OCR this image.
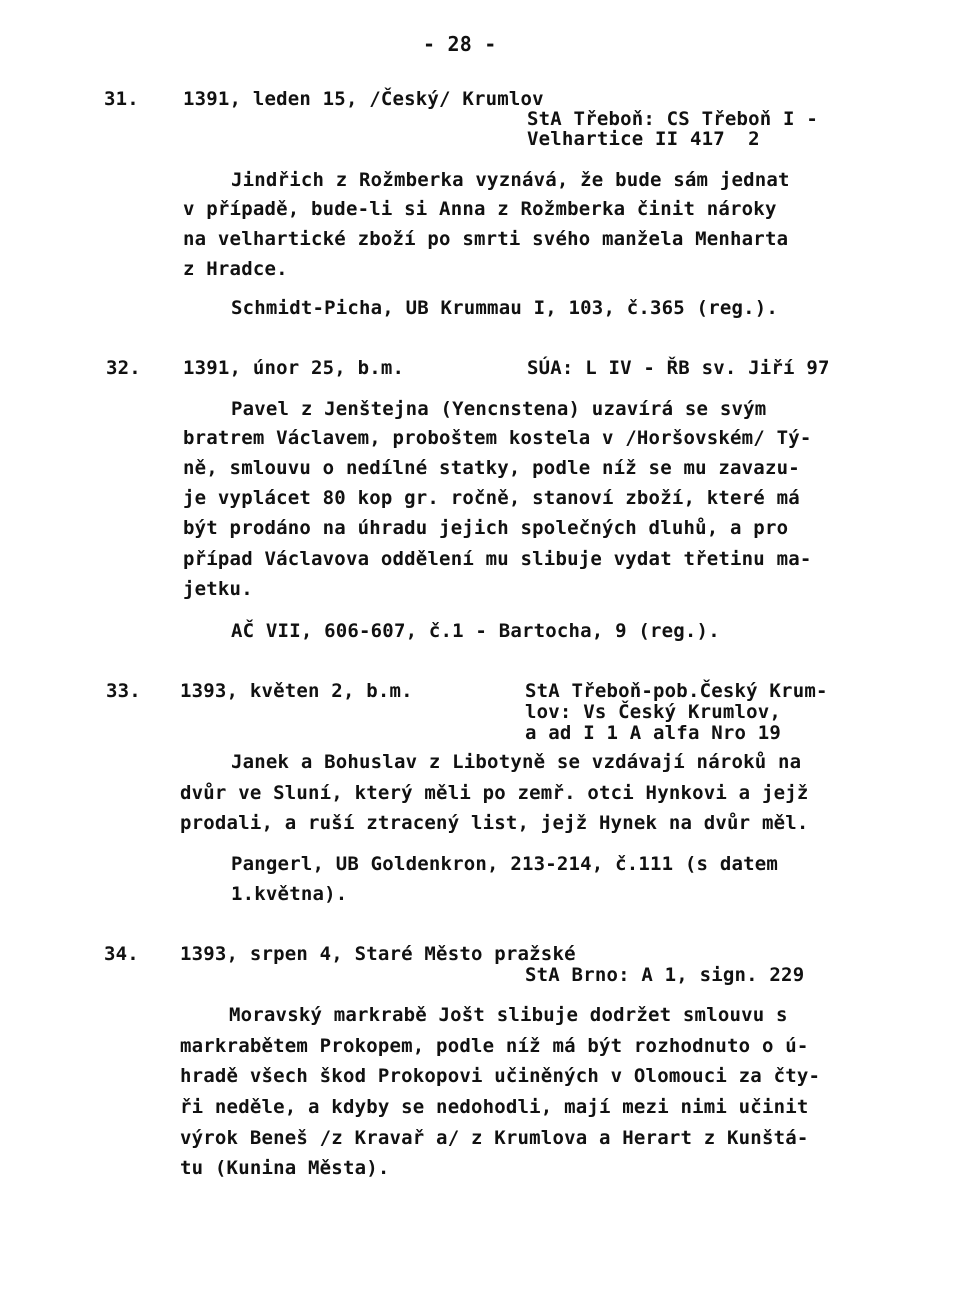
- 28 -
31. 1391, leden 15, /Český/ Krumlov
StA Třeboň: CS Třeboň I -
Velhartice II 417  2
Jindřich z Rožmberka vyznává, že bude sám jednat
v případě, bude-li si Anna z Rožmberka činit nároky
na velhartické zboží po smrti svého manžela Menharta
z Hradce.
Schmidt-Picha, UB Krummau I, 103, č.365 (reg.).
32. 1391, únor 25, b.m.	SÚA: L IV - ŘB sv. Jiří 97
Pavel z Jenštejna (Yencnstena) uzavírá se svým
bratrem Václavem, proboštem kostela v /Horšovském/ Tý-
ně, smlouvu o nedílné statky, podle níž se mu zavazu-
je vyplácet 80 kop gr. ročně, stanoví zboží, které má
být prodáno na úhradu jejich společných dluhů, a pro
případ Václavova oddělení mu slibuje vydat třetinu ma-
jetku.
AČ VII, 606-607, č.1 - Bartocha, 9 (reg.).
33. 1393, květen 2, b.m.	StA Třeboň-pob.Český Krum-
lov: Vs Český Krumlov,
a ad I 1 A alfa Nro 19
Janek a Bohuslav z Libotyně se vzdávají nároků na
dvůr ve Sluní, který měli po zemř. otci Hynkovi a jejž
prodali, a ruší ztracený list, jejž Hynek na dvůr měl.
Pangerl, UB Goldenkron, 213-214, č.111 (s datem
1.května).
34. 1393, srpen 4, Staré Město pražské
StA Brno: A 1, sign. 229
Moravský markrabě Jošt slibuje dodržet smlouvu s
markrabětem Prokopem, podle níž má být rozhodnuto o ú-
hradě všech škod Prokopovi učiněných v Olomouci za čty-
ři neděle, a kdyby se nedohodli, mají mezi nimi učinit
výrok Beneš /z Kravař a/ z Krumlova a Herart z Kunštá-
tu (Kunina Města).
